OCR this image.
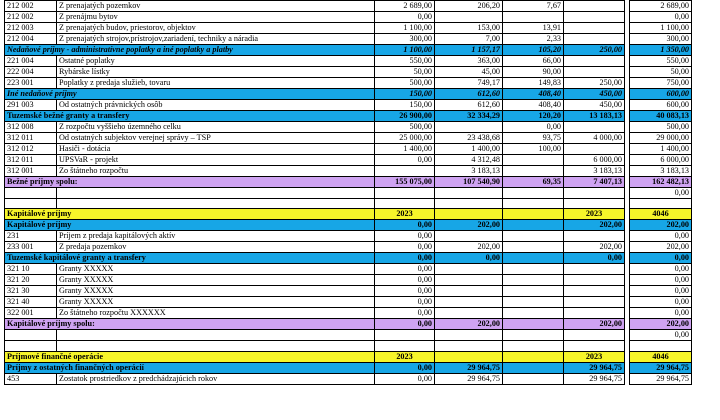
212 002	Z prenajatých pozemkov	2 689,00	206,20	7,67			2 689,00
212 002	Z prenájmu bytov	0,00					0,00
212 003	Z prenajatých budov, priestorov, objektov	1 100,00	153,00	13,91			1 100,00
212 004	Z prenajatých strojov,prístrojov,zariadení, techniky a náradia	300,00	7,00	2,33			300,00
Nedaňové príjmy - administratívne poplatky a iné poplatky a platby		1 100,00	1 157,17	105,20	250,00		1 350,00
221 004	Ostatné poplatky	550,00	363,00	66,00			550,00
222 004	Rybárske lístky	50,00	45,00	90,00			50,00
223 001	Poplatky z predaja služieb, tovaru	500,00	749,17	149,83	250,00		750,00
Iné nedaňové príjmy		150,00	612,60	408,40	450,00		600,00
291 003	Od ostatných právnických osôb	150,00	612,60	408,40	450,00		600,00
Tuzemské bežné granty a transfery		26 900,00	32 334,29	120,20	13 183,13		40 083,13
312 008	Z rozpočtu vyššieho územného celku	500,00		0,00			500,00
312 011	Od ostatných subjektov verejnej správy – TSP	25 000,00	23 438,68	93,75	4 000,00		29 000,00
312 012	Hasiči - dotácia	1 400,00	1 400,00	100,00			1 400,00
312 011	UPSVaR - projekt	0,00	4 312,48		6 000,00		6 000,00
312 001	Zo štátneho rozpočtu		3 183,13		3 183,13		3 183,13
Bežné príjmy spolu:		155 075,00	107 540,90	69,35	7 407,13		162 482,13
							0,00

Kapitálové príjmy		2023			2023		4046
Kapitálové príjmy		0,00	202,00		202,00		202,00
231	Príjem z predaja kapitálových aktív	0,00					0,00
233 001	Z predaja pozemkov	0,00	202,00		202,00		202,00
Tuzemské kapitálové granty a transfery		0,00	0,00		0,00		0,00
321 10	Granty XXXXX	0,00					0,00
321 20	Granty XXXXX	0,00					0,00
321 30	Granty XXXXX	0,00					0,00
321 40	Granty XXXXX	0,00					0,00
322 001	Zo štátneho rozpočtu XXXXXX	0,00					0,00
Kapitálové príjmy spolu:		0,00	202,00		202,00		202,00
							0,00

Príjmové finančné operácie		2023			2023		4046
Príjmy z ostatných finančných operácií		0,00	29 964,75		29 964,75		29 964,75
453	Zostatok prostriedkov z predchádzajúcich rokov	0,00	29 964,75		29 964,75		29 964,75
